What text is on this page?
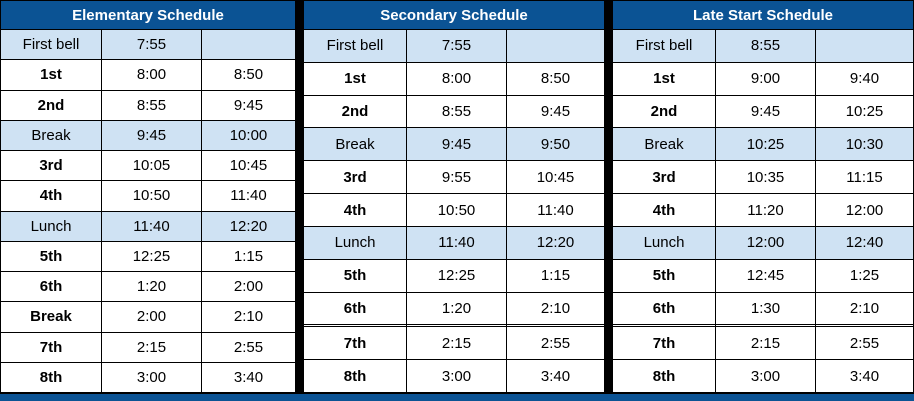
Elementary Schedule		
First bell	7:55	
1st	8:00	8:50
2nd	8:55	9:45
Break	9:45	10:00
3rd	10:05	10:45
4th	10:50	11:40
Lunch	11:40	12:20
5th	12:25	1:15
6th	1:20	2:00
Break	2:00	2:10
7th	2:15	2:55
8th	3:00	3:40
Secondary Schedule		
First bell	7:55	
1st	8:00	8:50
2nd	8:55	9:45
Break	9:45	9:50
3rd	9:55	10:45
4th	10:50	11:40
Lunch	11:40	12:20
5th	12:25	1:15
6th	1:20	2:10

7th	2:15	2:55
8th	3:00	3:40
Late Start Schedule		
First bell	8:55	
1st	9:00	9:40
2nd	9:45	10:25
Break	10:25	10:30
3rd	10:35	11:15
4th	11:20	12:00
Lunch	12:00	12:40
5th	12:45	1:25
6th	1:30	2:10

7th	2:15	2:55
8th	3:00	3:40
